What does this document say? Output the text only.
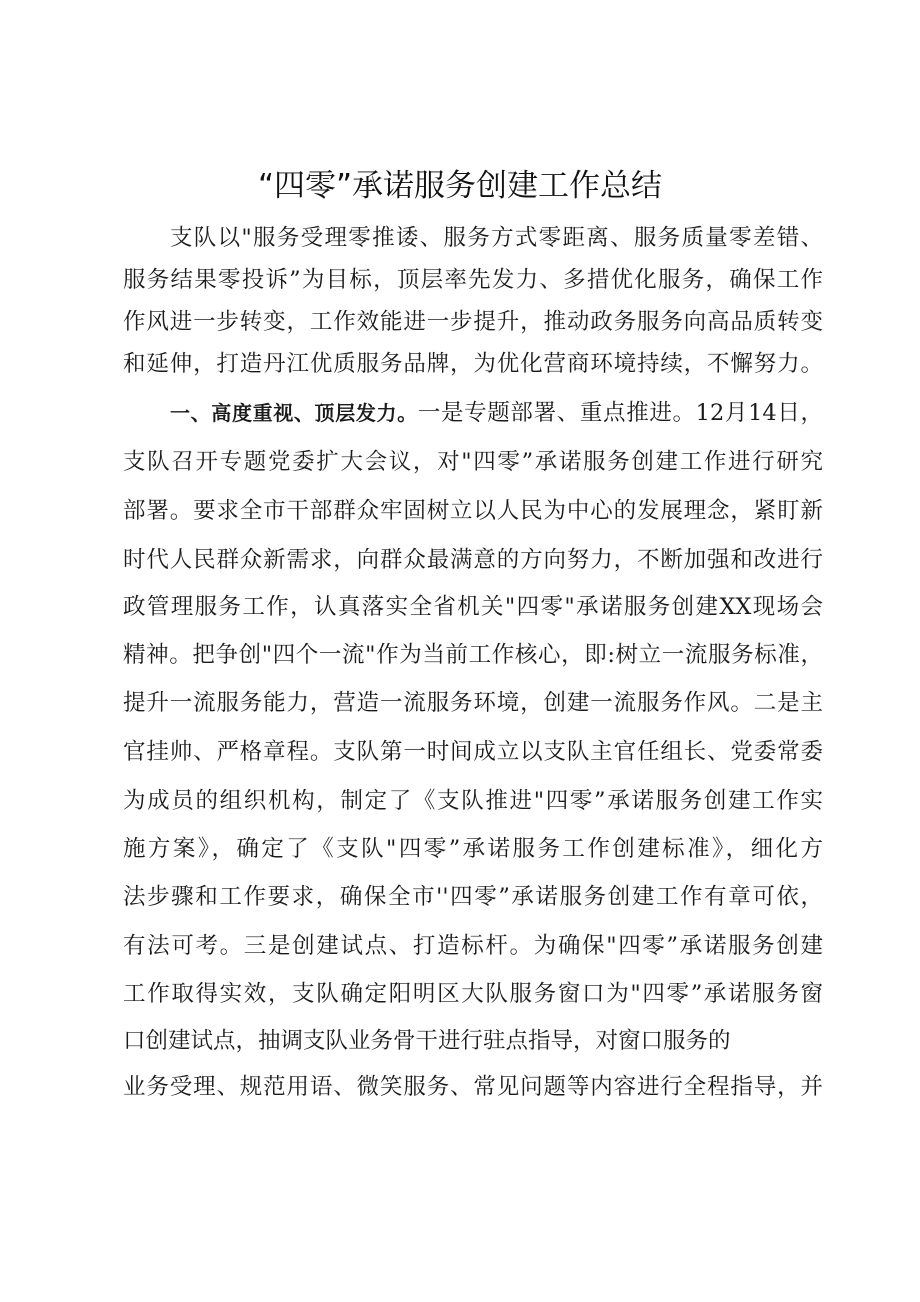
“四零”承诺服务创建工作总结
支队以"服务受理零推诿、服务方式零距离、服务质量零差错、
服务结果零投诉”为目标，顶层率先发力、多措优化服务，确保工作
作风进一步转变，工作效能进一步提升，推动政务服务向高品质转变
和延伸，打造丹江优质服务品牌，为优化营商环境持续，不懈努力。
一、高度重视、顶层发力。一是专题部署、重点推进。12月14日，
支队召开专题党委扩大会议，对"四零”承诺服务创建工作进行研究
部署。要求全市干部群众牢固树立以人民为中心的发展理念，紧盯新
时代人民群众新需求，向群众最满意的方向努力，不断加强和改进行
政管理服务工作，认真落实全省机关"四零"承诺服务创建XX现场会
精神。把争创"四个一流"作为当前工作核心，即:树立一流服务标准，
提升一流服务能力，营造一流服务环境，创建一流服务作风。二是主
官挂帅、严格章程。支队第一时间成立以支队主官任组长、党委常委
为成员的组织机构，制定了《支队推进"四零”承诺服务创建工作实
施方案》，确定了《支队"四零”承诺服务工作创建标准》，细化方
法步骤和工作要求，确保全市''四零”承诺服务创建工作有章可依，
有法可考。三是创建试点、打造标杆。为确保"四零”承诺服务创建
工作取得实效，支队确定阳明区大队服务窗口为"四零”承诺服务窗
口创建试点，抽调支队业务骨干进行驻点指导，对窗口服务的
业务受理、规范用语、微笑服务、常见问题等内容进行全程指导，并
